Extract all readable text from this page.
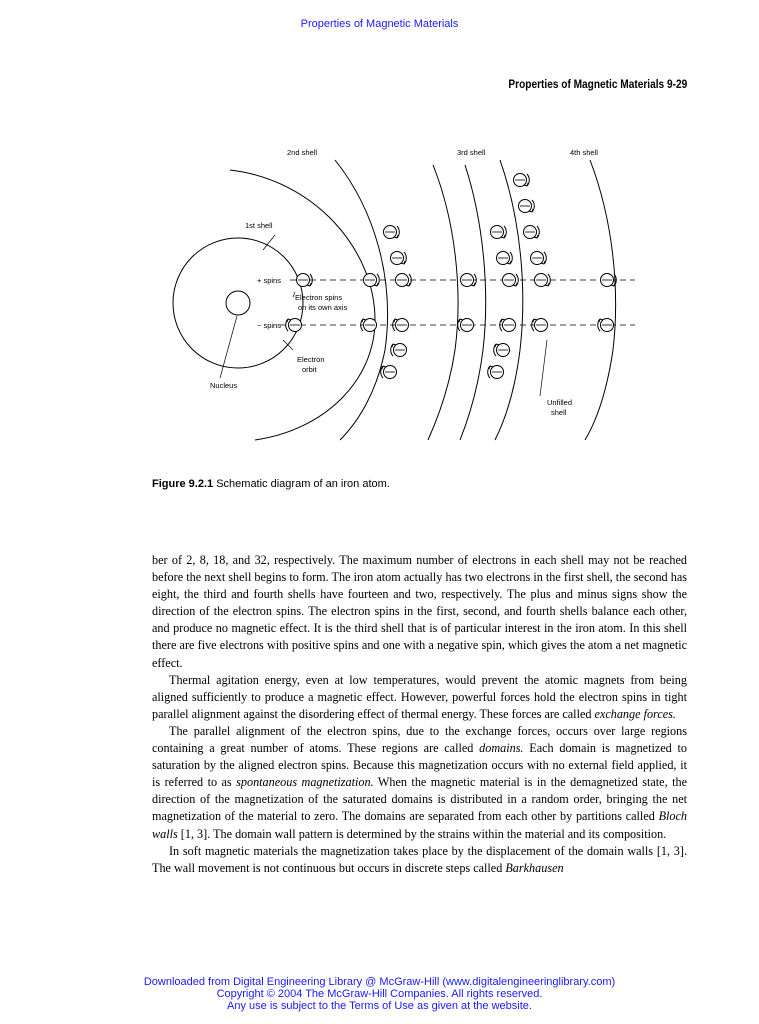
Properties of Magnetic Materials
Properties of Magnetic Materials 9-29
2nd shell	3rd shell	4th shell
1st shell
+ spins
− spins
Electron spins
on its own axis
Electron
orbit
Nucleus
Unfilled
shell
Figure 9.2.1 Schematic diagram of an iron atom.

ber of 2, 8, 18, and 32, respectively. The maximum number of electrons in each shell may not be reached before the next shell begins to form. The iron atom actually has two electrons in the first shell, the second has eight, the third and fourth shells have fourteen and two, respectively. The plus and minus signs show the direction of the electron spins. The electron spins in the first, second, and fourth shells balance each other, and produce no magnetic effect. It is the third shell that is of particular interest in the iron atom. In this shell there are five electrons with positive spins and one with a negative spin, which gives the atom a net magnetic effect.

Thermal agitation energy, even at low temperatures, would prevent the atomic magnets from being aligned sufficiently to produce a magnetic effect. However, powerful forces hold the electron spins in tight parallel alignment against the disordering effect of thermal energy. These forces are called exchange forces.

The parallel alignment of the electron spins, due to the exchange forces, occurs over large regions containing a great number of atoms. These regions are called domains. Each domain is magnetized to saturation by the aligned electron spins. Because this magnetization occurs with no external field applied, it is referred to as spontaneous magnetization. When the magnetic material is in the demagnetized state, the direction of the magnetization of the saturated domains is distributed in a random order, bringing the net magnetization of the material to zero. The domains are separated from each other by partitions called Bloch walls [1, 3]. The domain wall pattern is determined by the strains within the material and its composition.

In soft magnetic materials the magnetization takes place by the displacement of the domain walls [1, 3]. The wall movement is not continuous but occurs in discrete steps called Barkhausen

Downloaded from Digital Engineering Library @ McGraw-Hill (www.digitalengineeringlibrary.com)
Copyright © 2004 The McGraw-Hill Companies. All rights reserved.
Any use is subject to the Terms of Use as given at the website.
